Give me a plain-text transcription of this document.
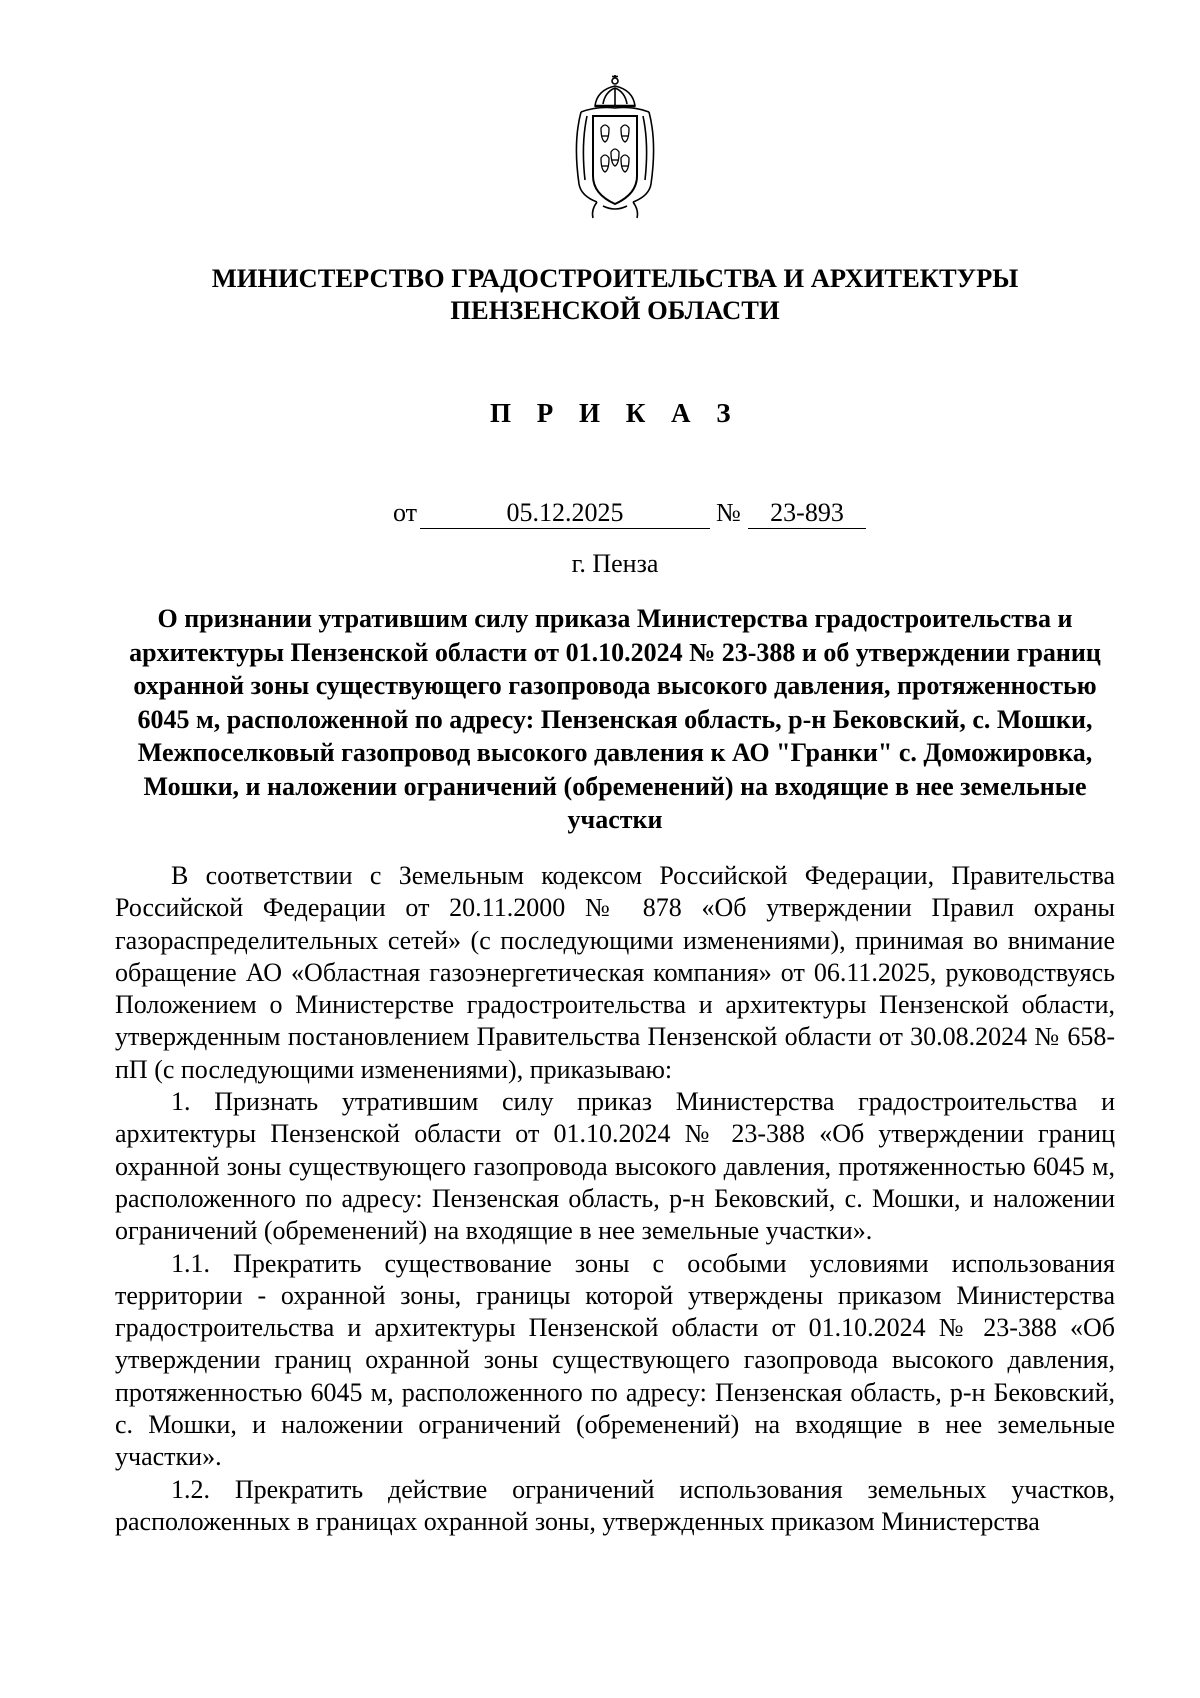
МИНИСТЕРСТВО ГРАДОСТРОИТЕЛЬСТВА И АРХИТЕКТУРЫ
ПЕНЗЕНСКОЙ ОБЛАСТИ
П Р И К А З
от	05.12.2025	№	23-893
г. Пенза
О признании утратившим силу приказа Министерства градостроительства и архитектуры Пензенской области от 01.10.2024 № 23-388 и об утверждении границ охранной зоны существующего газопровода высокого давления, протяженностью 6045 м, расположенной по адресу: Пензенская область, р-н Бековский, с. Мошки, Межпоселковый газопровод высокого давления к АО "Гранки" с. Доможировка, Мошки, и наложении ограничений (обременений) на входящие в нее земельные участки

В соответствии с Земельным кодексом Российской Федерации, Правительства Российской Федерации от 20.11.2000 № 878 «Об утверждении Правил охраны газораспределительных сетей» (с последующими изменениями), принимая во внимание обращение АО «Областная газоэнергетическая компания» от 06.11.2025, руководствуясь Положением о Министерстве градостроительства и архитектуры Пензенской области, утвержденным постановлением Правительства Пензенской области от 30.08.2024 № 658-пП (с последующими изменениями), приказываю:

1. Признать утратившим силу приказ Министерства градостроительства и архитектуры Пензенской области от 01.10.2024 № 23-388 «Об утверждении границ охранной зоны существующего газопровода высокого давления, протяженностью 6045 м, расположенного по адресу: Пензенская область, р-н Бековский, с. Мошки, и наложении ограничений (обременений) на входящие в нее земельные участки».

1.1. Прекратить существование зоны с особыми условиями использования территории - охранной зоны, границы которой утверждены приказом Министерства градостроительства и архитектуры Пензенской области от 01.10.2024 № 23-388 «Об утверждении границ охранной зоны существующего газопровода высокого давления, протяженностью 6045 м, расположенного по адресу: Пензенская область, р-н Бековский, с. Мошки, и наложении ограничений (обременений) на входящие в нее земельные участки».

1.2. Прекратить действие ограничений использования земельных участков, расположенных в границах охранной зоны, утвержденных приказом Министерства
